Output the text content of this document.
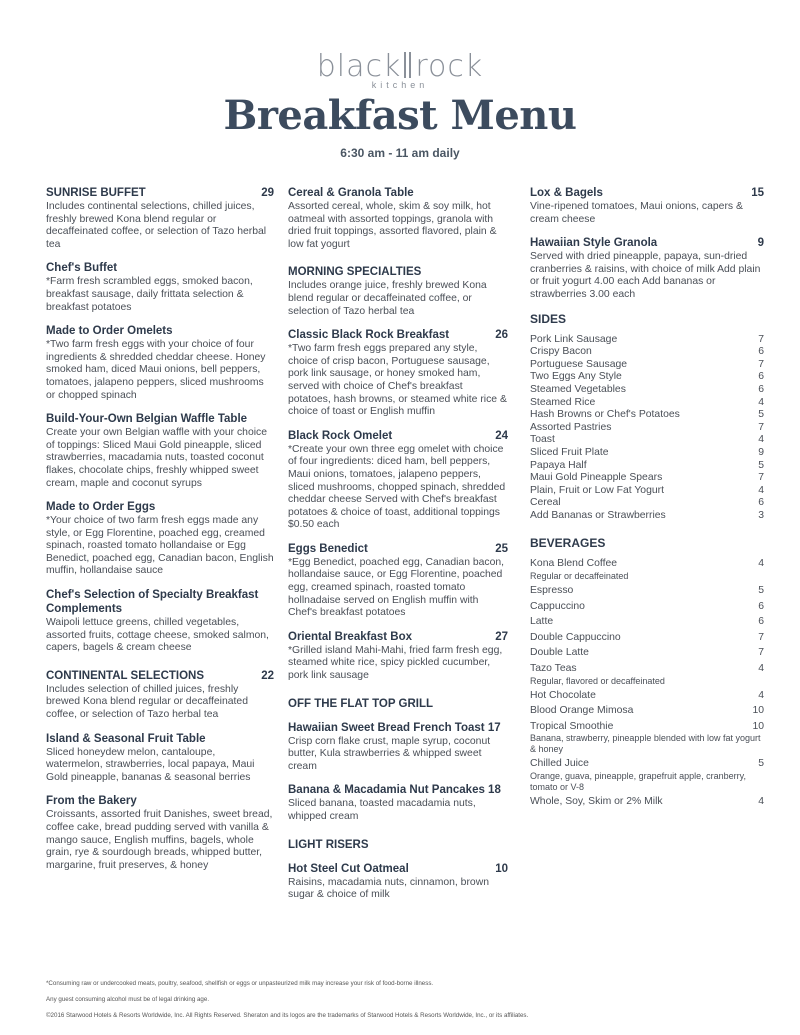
black rock
kitchen
Breakfast Menu
6:30 am - 11 am daily
SUNRISE BUFFET	29
Includes continental selections, chilled juices, freshly brewed Kona blend regular or decaffeinated coffee, or selection of Tazo herbal tea
Chef's Buffet
*Farm fresh scrambled eggs, smoked bacon, breakfast sausage, daily frittata selection & breakfast potatoes
Made to Order Omelets
*Two farm fresh eggs with your choice of four ingredients & shredded cheddar cheese. Honey smoked ham, diced Maui onions, bell peppers, tomatoes, jalapeno peppers, sliced mushrooms or chopped spinach
Build-Your-Own Belgian Waffle Table
Create your own Belgian waffle with your choice of toppings: Sliced Maui Gold pineapple, sliced strawberries, macadamia nuts, toasted coconut flakes, chocolate chips, freshly whipped sweet cream, maple and coconut syrups
Made to Order Eggs
*Your choice of two farm fresh eggs made any style, or Egg Florentine, poached egg, creamed spinach, roasted tomato hollandaise or Egg Benedict, poached egg, Canadian bacon, English muffin, hollandaise sauce
Chef's Selection of Specialty Breakfast Complements
Waipoli lettuce greens, chilled vegetables, assorted fruits, cottage cheese, smoked salmon, capers, bagels & cream cheese
CONTINENTAL SELECTIONS	22
Includes selection of chilled juices, freshly brewed Kona blend regular or decaffeinated coffee, or selection of Tazo herbal tea
Island & Seasonal Fruit Table
Sliced honeydew melon, cantaloupe, watermelon, strawberries, local papaya, Maui Gold pineapple, bananas & seasonal berries
From the Bakery
Croissants, assorted fruit Danishes, sweet bread, coffee cake, bread pudding served with vanilla & mango sauce, English muffins, bagels, whole grain, rye & sourdough breads, whipped butter, margarine, fruit preserves, & honey
Cereal & Granola Table
Assorted cereal, whole, skim & soy milk, hot oatmeal with assorted toppings, granola with dried fruit toppings, assorted flavored, plain & low fat yogurt
MORNING SPECIALTIES
Includes orange juice, freshly brewed Kona blend regular or decaffeinated coffee, or selection of Tazo herbal tea
Classic Black Rock Breakfast	26
*Two farm fresh eggs prepared any style, choice of crisp bacon, Portuguese sausage, pork link sausage, or honey smoked ham, served with choice of Chef's breakfast potatoes, hash browns, or steamed white rice & choice of toast or English muffin
Black Rock Omelet	24
*Create your own three egg omelet with choice of four ingredients: diced ham, bell peppers, Maui onions, tomatoes, jalapeno peppers, sliced mushrooms, chopped spinach, shredded cheddar cheese Served with Chef's breakfast potatoes & choice of toast, additional toppings $0.50 each
Eggs Benedict	25
*Egg Benedict, poached egg, Canadian bacon, hollandaise sauce, or Egg Florentine, poached egg, creamed spinach, roasted tomato hollnadaise served on English muffin with Chef's breakfast potatoes
Oriental Breakfast Box	27
*Grilled island Mahi-Mahi, fried farm fresh egg, steamed white rice, spicy pickled cucumber, pork link sausage
OFF THE FLAT TOP GRILL
Hawaiian Sweet Bread French Toast 17
Crisp corn flake crust, maple syrup, coconut butter, Kula strawberries & whipped sweet cream
Banana & Macadamia Nut Pancakes 18
Sliced banana, toasted macadamia nuts, whipped cream
LIGHT RISERS
Hot Steel Cut Oatmeal	10
Raisins, macadamia nuts, cinnamon, brown sugar & choice of milk
Lox & Bagels	15
Vine-ripened tomatoes, Maui onions, capers & cream cheese
Hawaiian Style Granola	9
Served with dried pineapple, papaya, sun-dried cranberries & raisins, with choice of milk Add plain or fruit yogurt 4.00 each Add bananas or strawberries 3.00 each
SIDES
Pork Link Sausage	7
Crispy Bacon	6
Portuguese Sausage	7
Two Eggs Any Style	6
Steamed Vegetables	6
Steamed Rice	4
Hash Browns or Chef's Potatoes	5
Assorted Pastries	7
Toast	4
Sliced Fruit Plate	9
Papaya Half	5
Maui Gold Pineapple Spears	7
Plain, Fruit or Low Fat Yogurt	4
Cereal	6
Add Bananas or Strawberries	3
BEVERAGES
Kona Blend Coffee	4
Regular or decaffeinated
Espresso	5
Cappuccino	6
Latte	6
Double Cappuccino	7
Double Latte	7
Tazo Teas	4
Regular, flavored or decaffeinated
Hot Chocolate	4
Blood Orange Mimosa	10
Tropical Smoothie	10
Banana, strawberry, pineapple blended with low fat yogurt & honey
Chilled Juice	5
Orange, guava, pineapple, grapefruit apple, cranberry, tomato or V-8
Whole, Soy, Skim or 2% Milk	4
*Consuming raw or undercooked meats, poultry, seafood, shellfish or eggs or unpasteurized milk may increase your risk of food-borne illness.
Any guest consuming alcohol must be of legal drinking age.
©2016 Starwood Hotels & Resorts Worldwide, Inc. All Rights Reserved. Sheraton and its logos are the trademarks of Starwood Hotels & Resorts Worldwide, Inc., or its affiliates.
